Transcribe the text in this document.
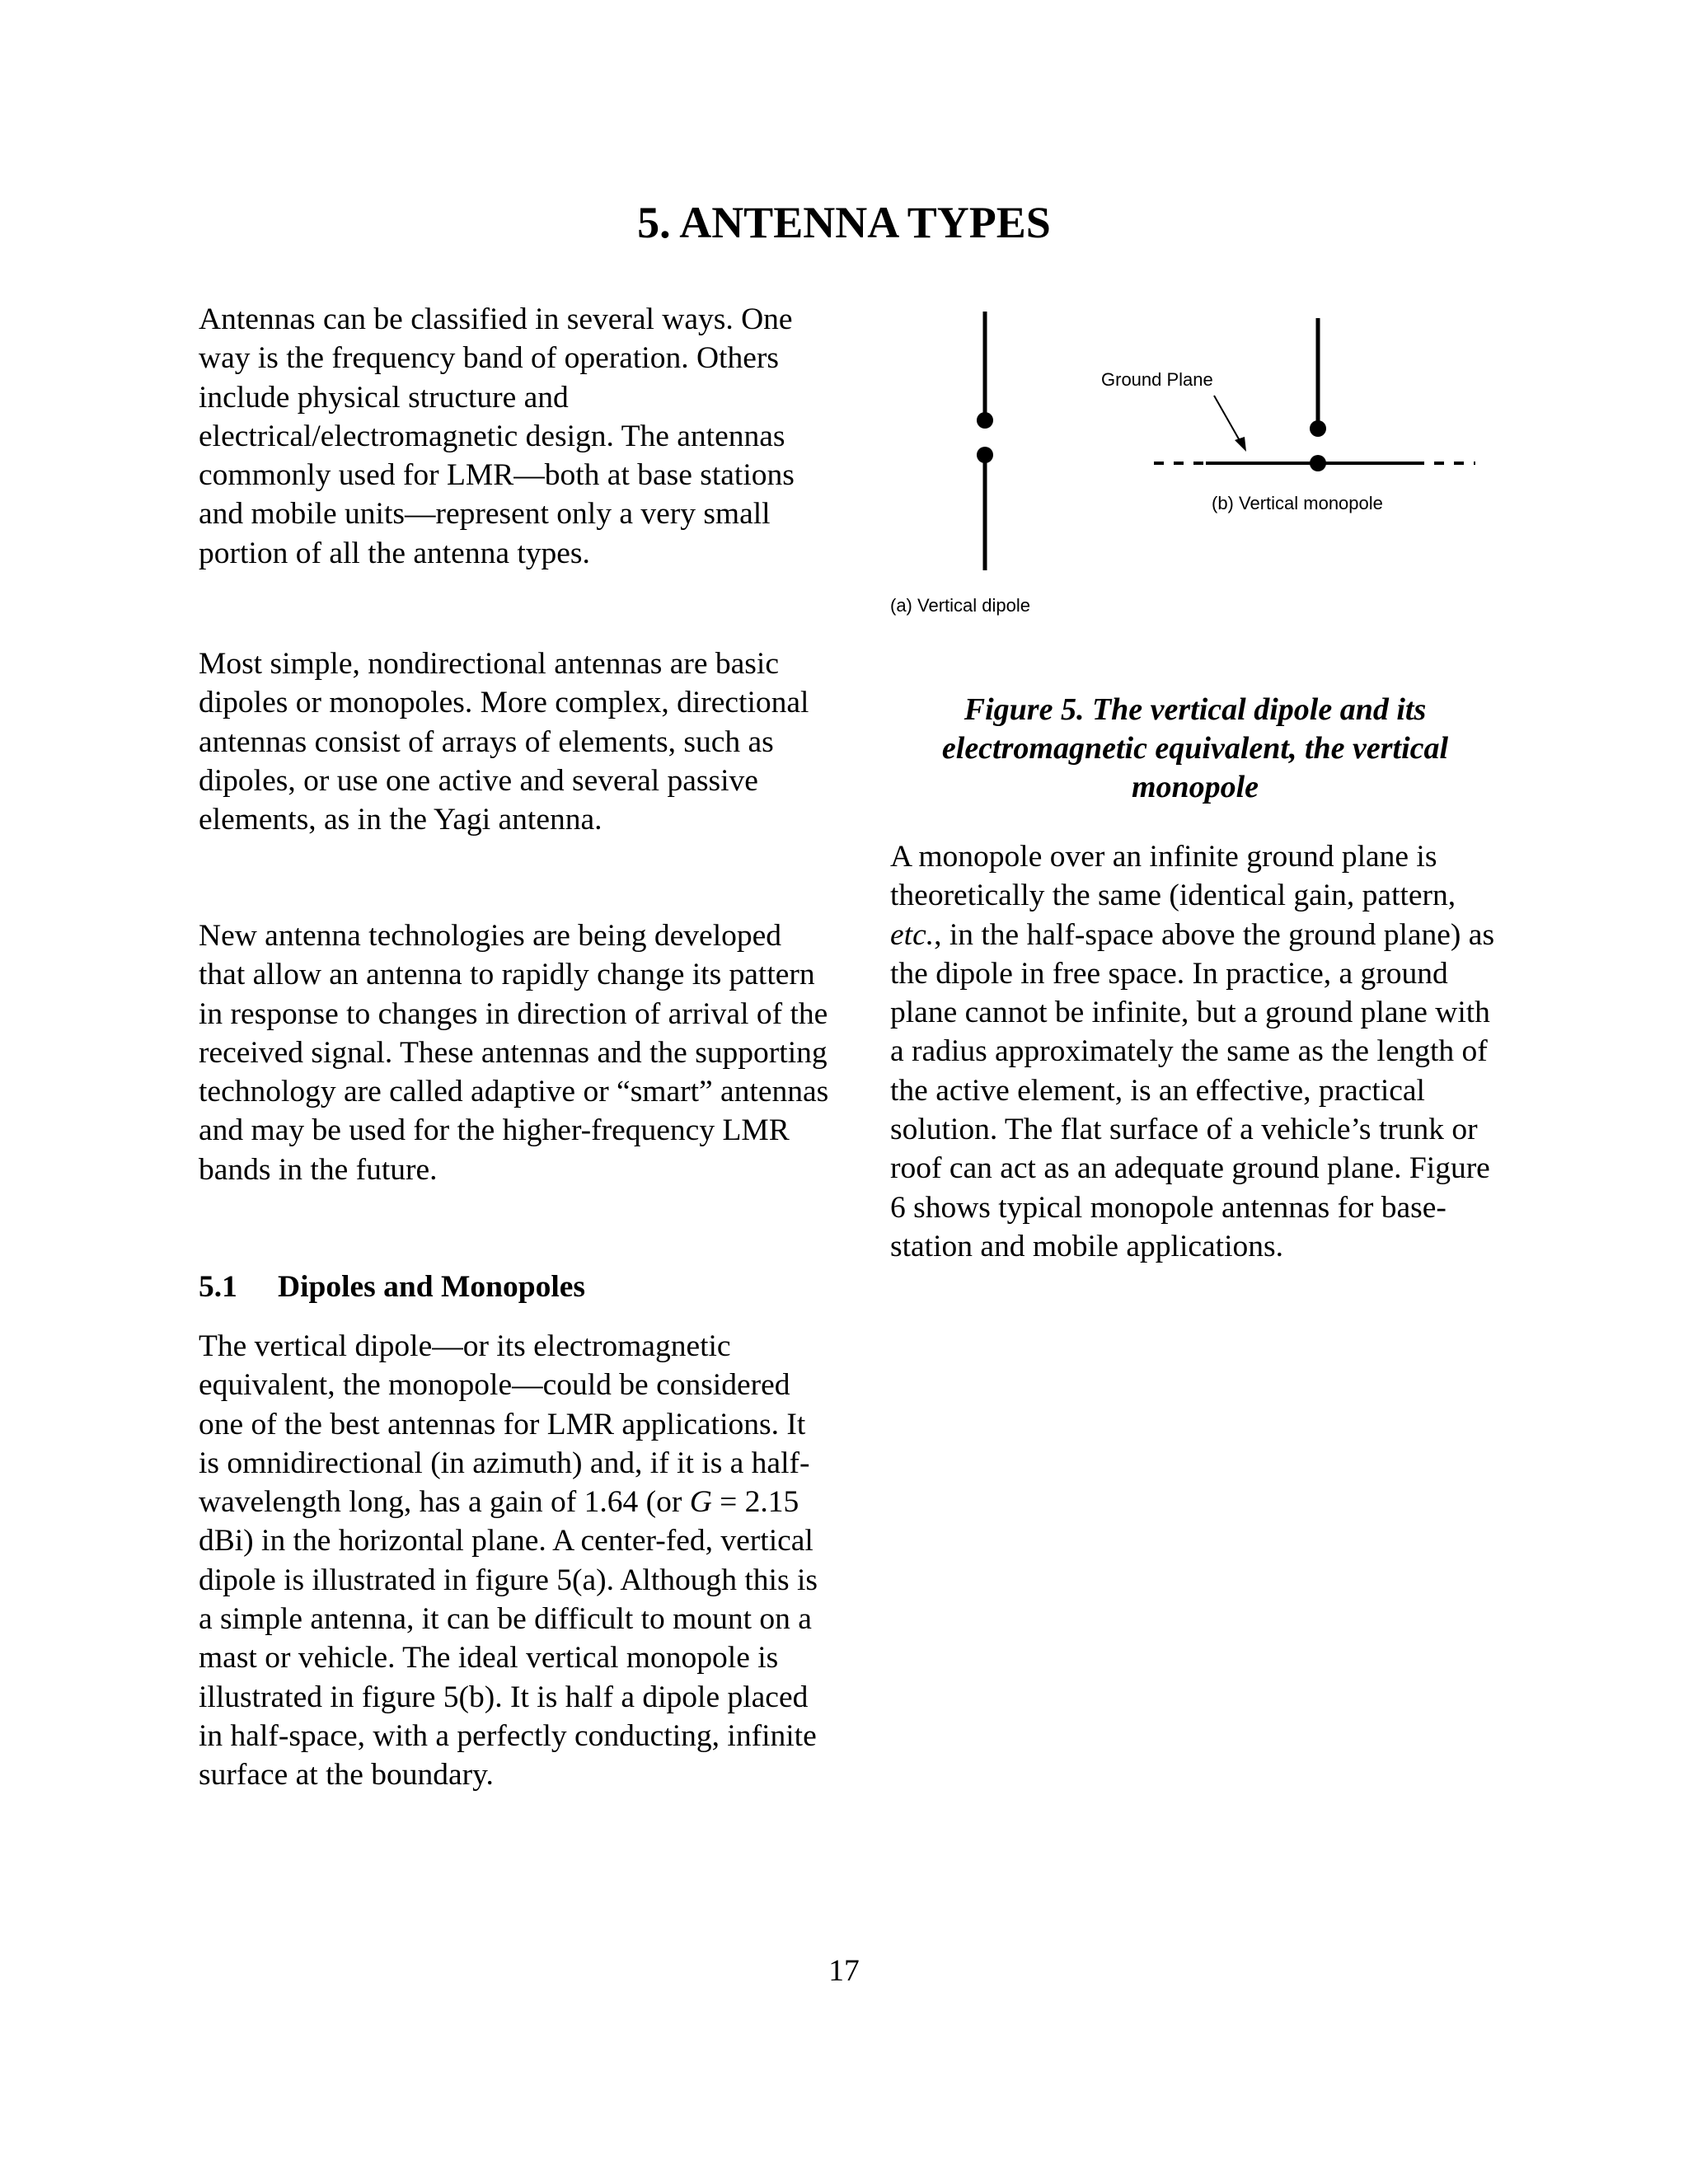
5. ANTENNA TYPES

Antennas can be classified in several ways. One way is the frequency band of operation. Others include physical structure and electrical/electromagnetic design. The antennas commonly used for LMR—both at base stations and mobile units—represent only a very small portion of all the antenna types.

Most simple, nondirectional antennas are basic dipoles or monopoles. More complex, directional antennas consist of arrays of elements, such as dipoles, or use one active and several passive elements, as in the Yagi antenna.

New antenna technologies are being developed that allow an antenna to rapidly change its pattern in response to changes in direction of arrival of the received signal. These antennas and the supporting technology are called adaptive or “smart” antennas and may be used for the higher-frequency LMR bands in the future.

5.1 Dipoles and Monopoles

The vertical dipole—or its electromagnetic equivalent, the monopole—could be considered one of the best antennas for LMR applications. It is omnidirectional (in azimuth) and, if it is a half-wavelength long, has a gain of 1.64 (or G = 2.15 dBi) in the horizontal plane. A center-fed, vertical dipole is illustrated in figure 5(a). Although this is a simple antenna, it can be difficult to mount on a mast or vehicle. The ideal vertical monopole is illustrated in figure 5(b). It is half a dipole placed in half-space, with a perfectly conducting, infinite surface at the boundary.

(a) Vertical dipole
Ground Plane
(b) Vertical monopole
Figure 5. The vertical dipole and its electromagnetic equivalent, the vertical monopole

A monopole over an infinite ground plane is theoretically the same (identical gain, pattern, etc., in the half-space above the ground plane) as the dipole in free space. In practice, a ground plane cannot be infinite, but a ground plane with a radius approximately the same as the length of the active element, is an effective, practical solution. The flat surface of a vehicle’s trunk or roof can act as an adequate ground plane. Figure 6 shows typical monopole antennas for base-station and mobile applications.

17
